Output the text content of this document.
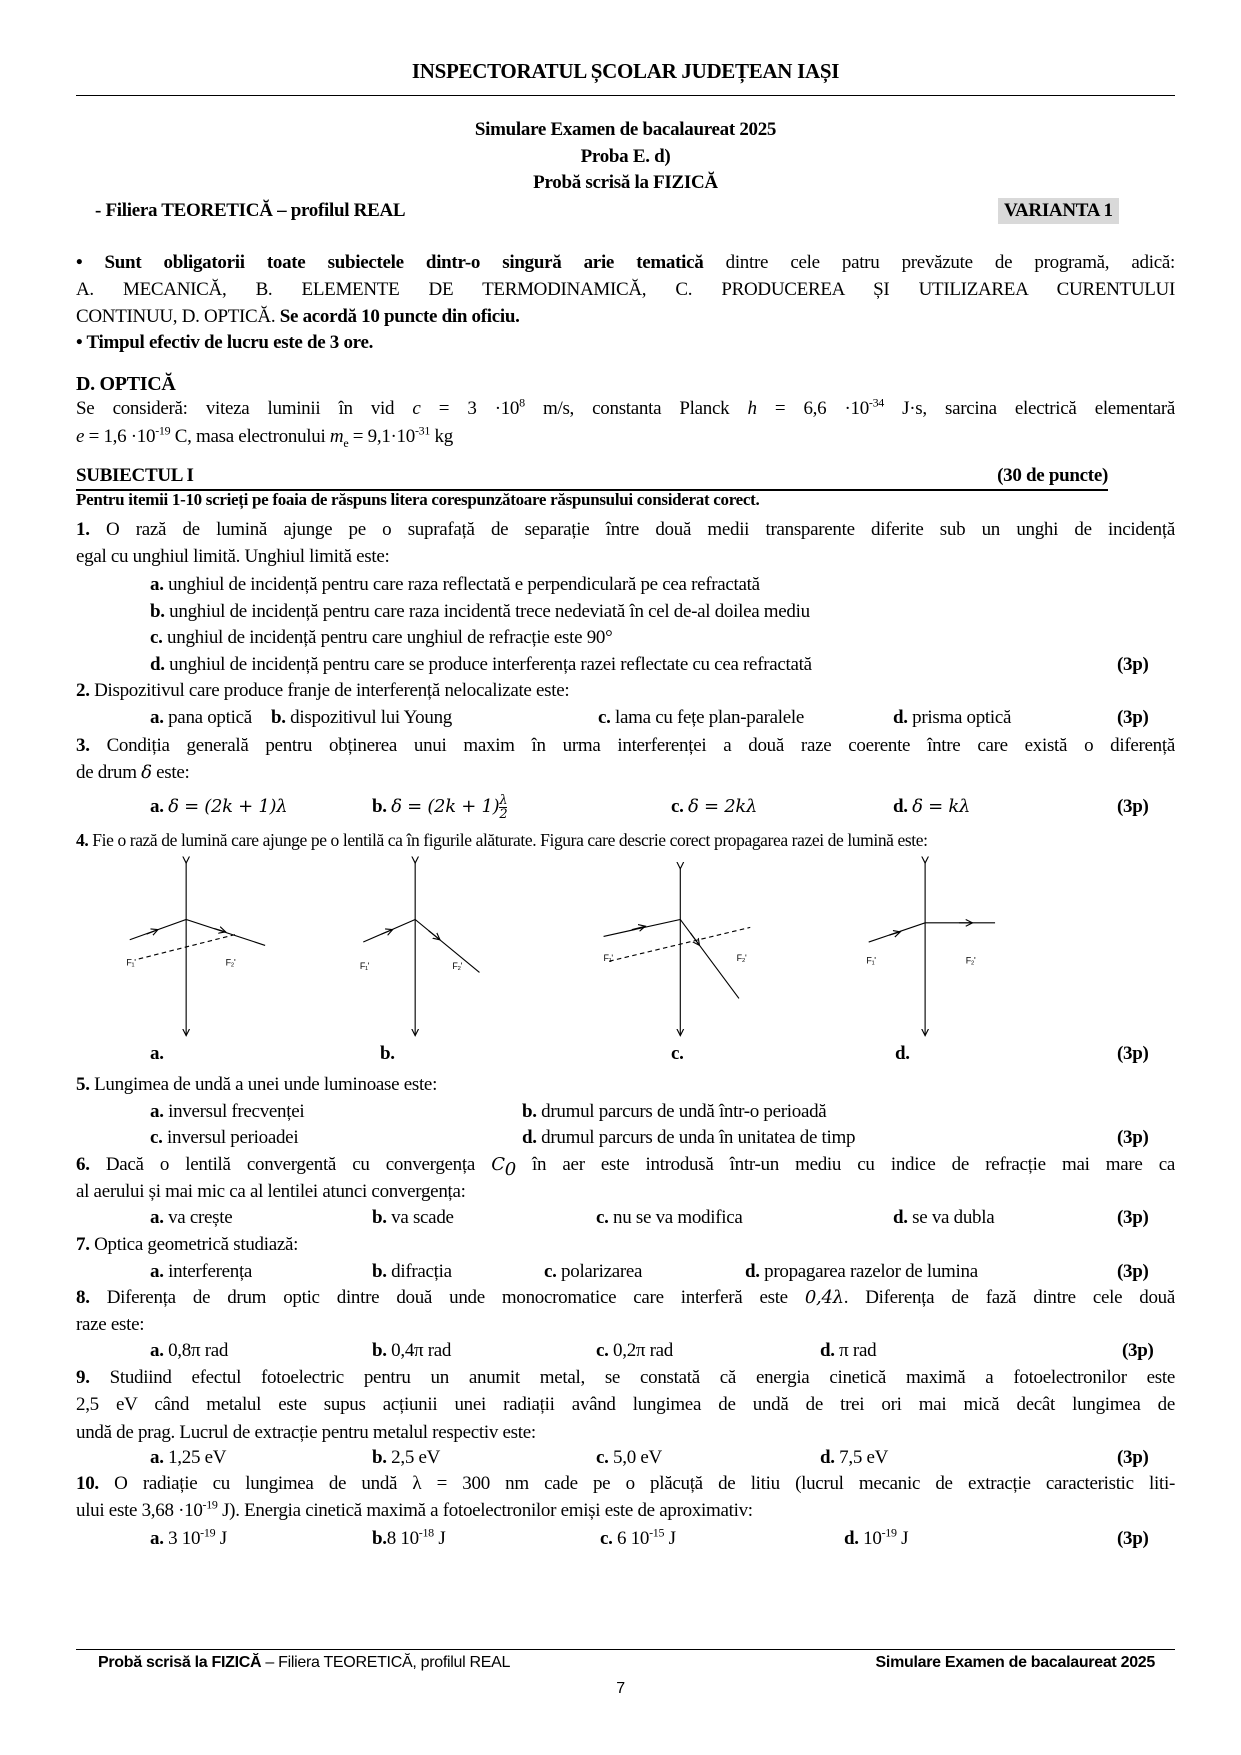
INSPECTORATUL ȘCOLAR JUDEȚEAN IAȘI
Simulare Examen de bacalaureat 2025
Proba E. d)
Probă scrisă la FIZICĂ
- Filiera TEORETICĂ – profilul REAL	VARIANTA 1
• Sunt obligatorii toate subiectele dintr-o singură arie tematică dintre cele patru prevăzute de programă, adică:
A. MECANICĂ, B. ELEMENTE DE TERMODINAMICĂ, C. PRODUCEREA ȘI UTILIZAREA CURENTULUI
CONTINUU, D. OPTICĂ. Se acordă 10 puncte din oficiu.
• Timpul efectiv de lucru este de 3 ore.
D. OPTICĂ
Se consideră: viteza luminii în vid $c = 3 \cdot 10^8$ m/s, constanta Planck $h = 6,6 \cdot 10^{-34}$ J·s, sarcina electrică elementară
$e = 1,6 \cdot 10^{-19}$ C, masa electronului $m_e = 9,1\cdot 10^{-31}$ kg
SUBIECTUL I	(30 de puncte)
Pentru itemii 1-10 scrieți pe foaia de răspuns litera corespunzătoare răspunsului considerat corect.
1. O rază de lumină ajunge pe o suprafață de separație între două medii transparente diferite sub un unghi de incidență
egal cu unghiul limită. Unghiul limită este:
a. unghiul de incidență pentru care raza reflectată e perpendiculară pe cea refractată
b. unghiul de incidență pentru care raza incidentă trece nedeviată în cel de-al doilea mediu
c. unghiul de incidență pentru care unghiul de refracție este 90°
d. unghiul de incidență pentru care se produce interferența razei reflectate cu cea refractată	(3p)
2. Dispozitivul care produce franje de interferență nelocalizate este:
a. pana optică b. dispozitivul lui Young	c. lama cu fețe plan-paralele	d. prisma optică	(3p)
3. Condiția generală pentru obținerea unui maxim în urma interferenței a două raze coerente între care există o diferență
de drum δ este:
a. δ = (2k + 1)λ	b. $\delta = (2k + 1) \frac{\lambda}{2}$	c. δ = 2kλ	d. δ = kλ	(3p)
4. Fie o rază de lumină care ajunge pe o lentilă ca în figurile alăturate. Figura care descrie corect propagarea razei de lumină este:
F₁'	F₂'	F₁'	F₂'
F₁'	F₂'	F₁'	F₂'
a.	b.	c.	d.	(3p)
5. Lungimea de undă a unei unde luminoase este:
a. inversul frecvenței	b. drumul parcurs de undă într-o perioadă
c. inversul perioadei	d. drumul parcurs de unda în unitatea de timp	(3p)
6. Dacă o lentilă convergentă cu convergența $C_0$ în aer este introdusă într-un mediu cu indice de refracție mai mare ca
al aerului și mai mic ca al lentilei atunci convergența:
a. va crește	b. va scade	c. nu se va modifica	d. se va dubla	(3p)
7. Optica geometrică studiază:
a. interferența	b. difracția	c. polarizarea	d. propagarea razelor de lumina	(3p)
8. Diferența de drum optic dintre două unde monocromatice care interferă este 0,4λ. Diferența de fază dintre cele două
raze este:
a. 0,8π rad	b. 0,4π rad	c. 0,2π rad	d. π rad	(3p)
9. Studiind efectul fotoelectric pentru un anumit metal, se constată că energia cinetică maximă a fotoelectronilor este
2,5 eV când metalul este supus acțiunii unei radiații având lungimea de undă de trei ori mai mică decât lungimea de
undă de prag. Lucrul de extracție pentru metalul respectiv este:
a. 1,25 eV	b. 2,5 eV	c. 5,0 eV	d. 7,5 eV	(3p)
10. O radiație cu lungimea de undă λ = 300 nm cade pe o plăcuță de litiu (lucrul mecanic de extracție caracteristic liti-
ului este $3,68 \cdot 10^{-19}$ J). Energia cinetică maximă a fotoelectronilor emiși este de aproximativ:
a. 3 $10^{-19}$ J	b.8 $10^{-18}$ J	c. 6 $10^{-15}$ J	d. $10^{-19}$ J	(3p)
Probă scrisă la FIZICĂ – Filiera TEORETICĂ, profilul REAL	Simulare Examen de bacalaureat 2025
7
